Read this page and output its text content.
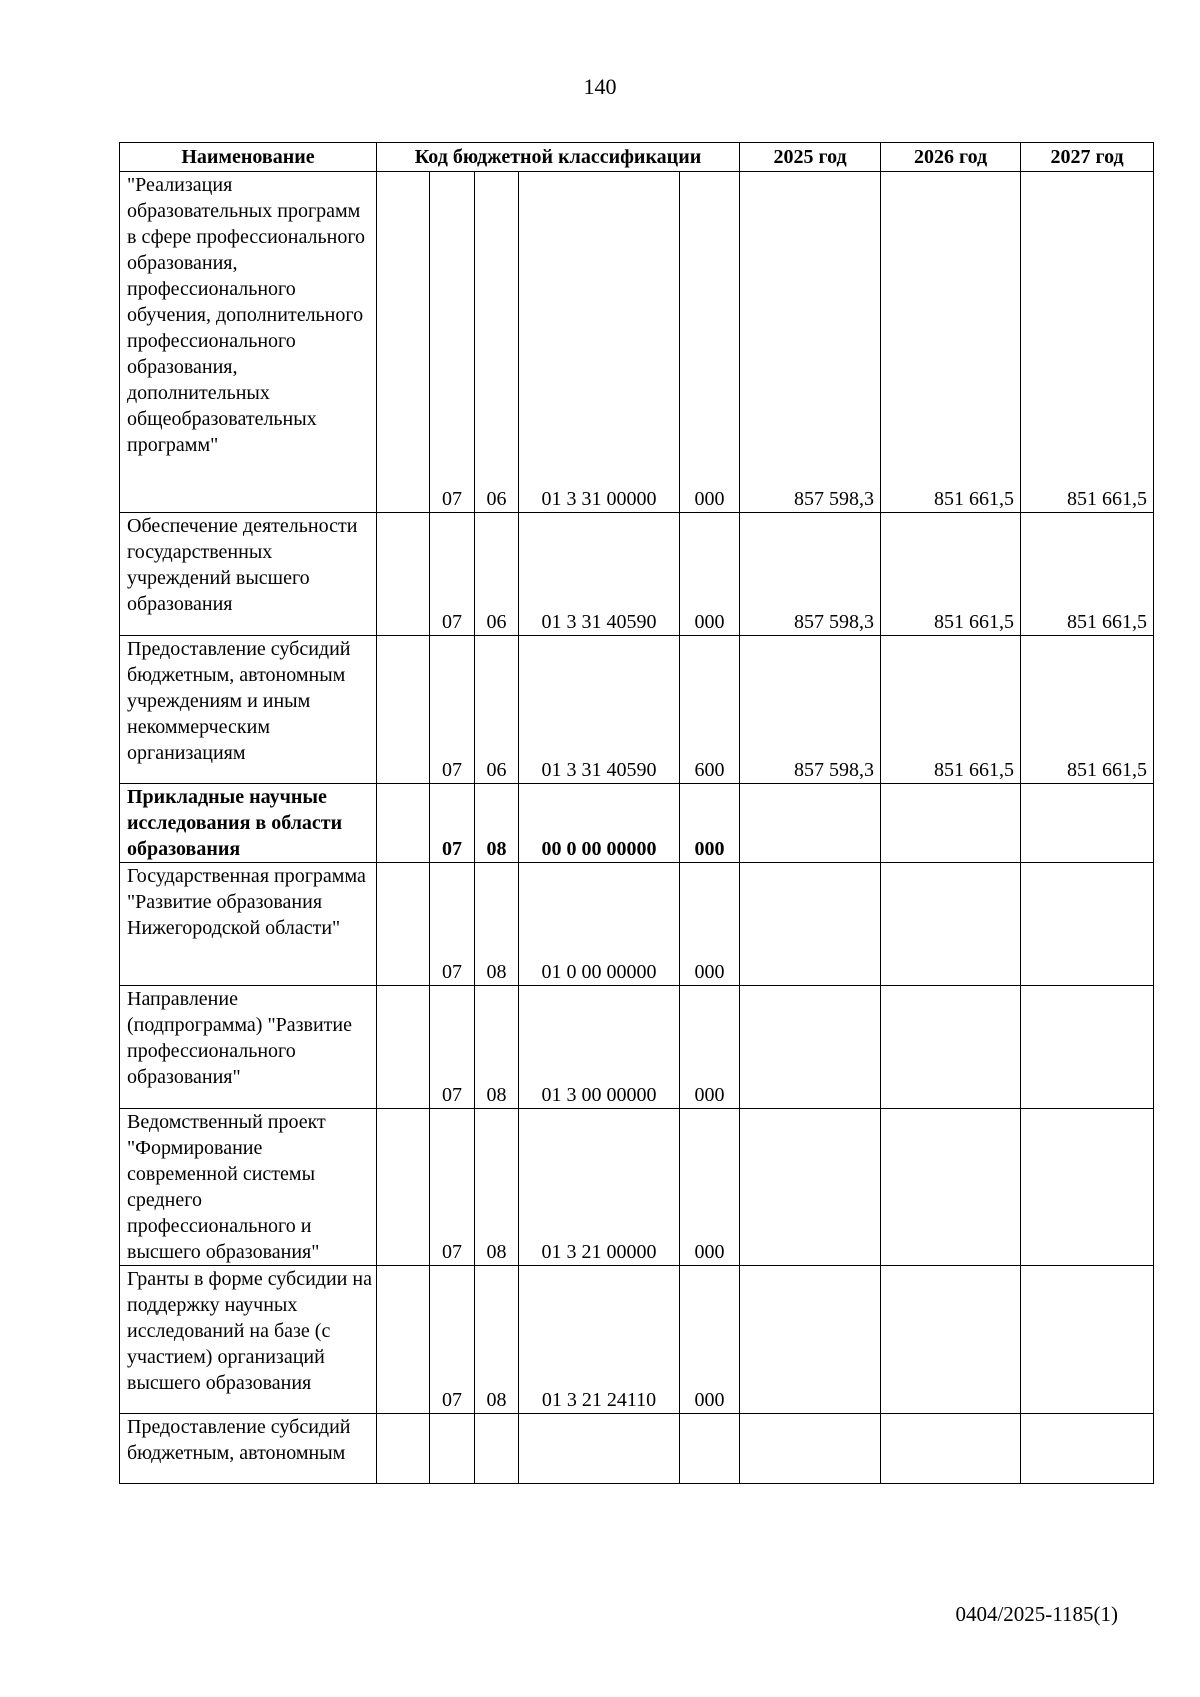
140
Наименование	Код бюджетной классификации					2025 год	2026 год	2027 год
"Реализация образовательных программ в сфере профессионального образования, профессионального обучения, дополнительного профессионального образования, дополнительных общеобразовательных программ"		07	06	01 3 31 00000	000	857 598,3	851 661,5	851 661,5
Обеспечение деятельности государственных учреждений высшего образования		07	06	01 3 31 40590	000	857 598,3	851 661,5	851 661,5
Предоставление субсидий бюджетным, автономным учреждениям и иным некоммерческим организациям		07	06	01 3 31 40590	600	857 598,3	851 661,5	851 661,5
Прикладные научные исследования в области образования		07	08	00 0 00 00000	000			
Государственная программа "Развитие образования Нижегородской области"		07	08	01 0 00 00000	000			
Направление (подпрограмма) "Развитие профессионального образования"		07	08	01 3 00 00000	000			
Ведомственный проект "Формирование современной системы среднего профессионального и высшего образования"		07	08	01 3 21 00000	000			
Гранты в форме субсидии на поддержку научных исследований на базе (с участием) организаций высшего образования		07	08	01 3 21 24110	000			
Предоставление субсидий бюджетным, автономным								
0404/2025-1185(1)
